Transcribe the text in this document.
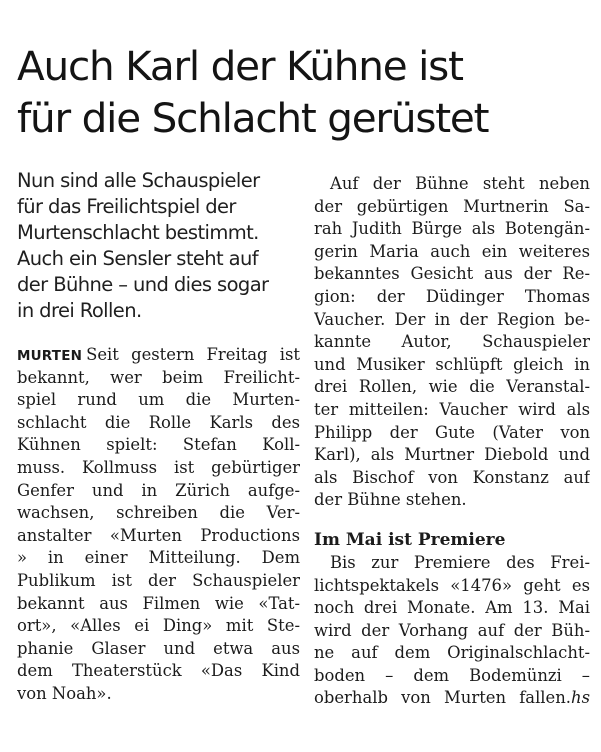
Auch Karl der Kühne ist
für die Schlacht gerüstet
Nun sind alle Schauspieler
für das Freilichtspiel der
Murtenschlacht bestimmt.
Auch ein Sensler steht auf
der Bühne – und dies sogar
in drei Rollen.
MURTEN Seit gestern Freitag ist
bekannt, wer beim Freilicht-
spiel rund um die Murten-
schlacht die Rolle Karls des
Kühnen spielt: Stefan Koll-
muss. Kollmuss ist gebürtiger
Genfer und in Zürich aufge-
wachsen, schreiben die Ver-
anstalter «Murten Productions
» in einer Mitteilung. Dem
Publikum ist der Schauspieler
bekannt aus Filmen wie «Tat-
ort», «Alles ei Ding» mit Ste-
phanie Glaser und etwa aus
dem Theaterstück «Das Kind
von Noah».
Auf der Bühne steht neben
der gebürtigen Murtnerin Sa-
rah Judith Bürge als Botengän-
gerin Maria auch ein weiteres
bekanntes Gesicht aus der Re-
gion: der Düdinger Thomas
Vaucher. Der in der Region be-
kannte Autor, Schauspieler
und Musiker schlüpft gleich in
drei Rollen, wie die Veranstal-
ter mitteilen: Vaucher wird als
Philipp der Gute (Vater von
Karl), als Murtner Diebold und
als Bischof von Konstanz auf
der Bühne stehen.
Im Mai ist Premiere
Bis zur Premiere des Frei-
lichtspektakels «1476» geht es
noch drei Monate. Am 13. Mai
wird der Vorhang auf der Büh-
ne auf dem Originalschlacht-
boden – dem Bodemünzi –
oberhalb von Murten fallen.hs
